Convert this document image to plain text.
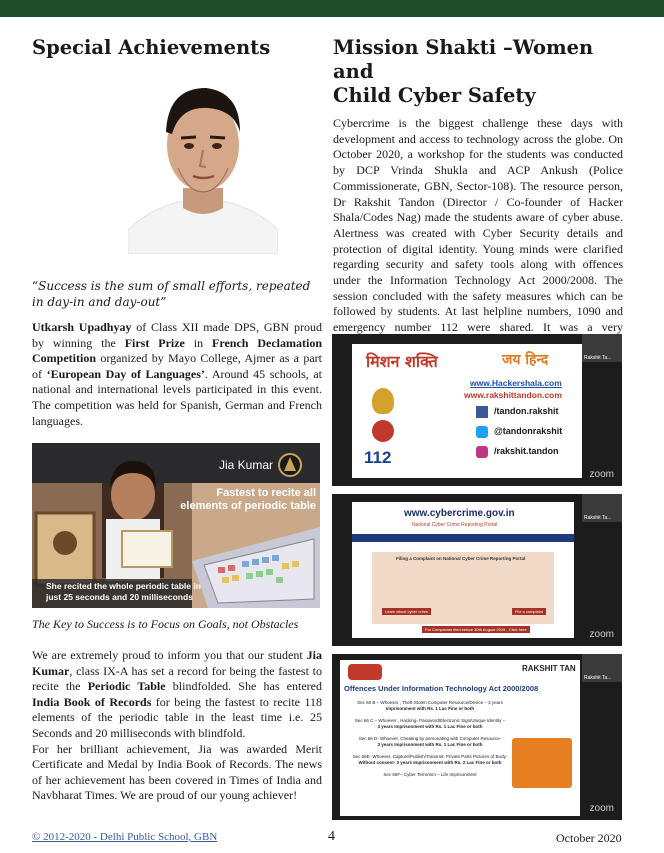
Special Achievements
“Success is the sum of small efforts, repeated in day-in and day-out”

Utkarsh Upadhyay of Class XII made DPS, GBN proud by winning the First Prize in French Declamation Competition organized by Mayo College, Ajmer as a part of ‘European Day of Languages’. Around 45 schools, at national and international levels participated in this event. The competition was held for Spanish, German and French languages.

Jia Kumar
Fastest to recite all
elements of periodic table
She recited the whole periodic table in
just 25 seconds and 20 milliseconds
The Key to Success is to Focus on Goals, not Obstacles

We are extremely proud to inform you that our student Jia Kumar, class IX-A has set a record for being the fastest to recite the Periodic Table blindfolded. She has entered India Book of Records for being the fastest to recite 118 elements of the periodic table in the least time i.e. 25 Seconds and 20 milliseconds with blindfold.

For her brilliant achievement, Jia was awarded Merit Certificate and Medal by India Book of Records. The news of her achievement has been covered in Times of India and Navbharat Times. We are proud of our young achiever!

Mission Shakti –Women and
Child Cyber Safety

Cybercrime is the biggest challenge these days with development and access to technology across the globe. On October 2020, a workshop for the students was conducted by DCP Vrinda Shukla and ACP Ankush (Police Commissionerate, GBN, Sector-108). The resource person, Dr Rakshit Tandon (Director / Co-founder of Hacker Shala/Codes Nag) made the students aware of cyber abuse. Alertness was created with Cyber Security details and protection of digital identity. Young minds were clarified regarding security and safety tools along with offences under the Information Technology Act 2000/2008. The session concluded with the safety measures which can be followed by students. At last helpline numbers, 1090 and emergency number 112 were shared. It was a very

मिशन शक्ति	जय हिन्द
112
www.Hackershala.com
www.rakshittandon.com
/tandon.rakshit
@tandonrakshit
/rakshit.tandon
Rakshit Ta...
zoom
www.cybercrime.gov.in
National Cyber Crime Reporting Portal
Filing a Complaint on National Cyber Crime Reporting Portal
Learn about cyber crime	File a complaint
For Complaints filed before 30th August 2019 - Click here
Rakshit Ta...
zoom
RAKSHIT TAN
Offences Under Information Technology Act 2000/2008
Sec 66 B – Whoever , Theft-Stolen Computer Resource/Device – 3 years
Imprisonment with Rs. 1 Lac Fine or both
Sec 66 C – Whoever , Hacking- Password/Electronic Sign/Unique Identity –
3 years Imprisonment with Rs. 1 Lac Fine or both
Sec 66 D- Whoever, Cheating by personating with Computer Resource-
3 years Imprisonment with Rs. 1 Lac Fine or both
Sec 66E- Whoever, Capture/Publish/Transmit- Private Parts Pictures of Body-
Without consent- 3 years Imprisonment with Rs. 2 Lac Fine or both
Sec 66F– Cyber Terrorism – Life Imprisonment
Rakshit Ta...
zoom
© 2012-2020 - Delhi Public School, GBN	4	October 2020
